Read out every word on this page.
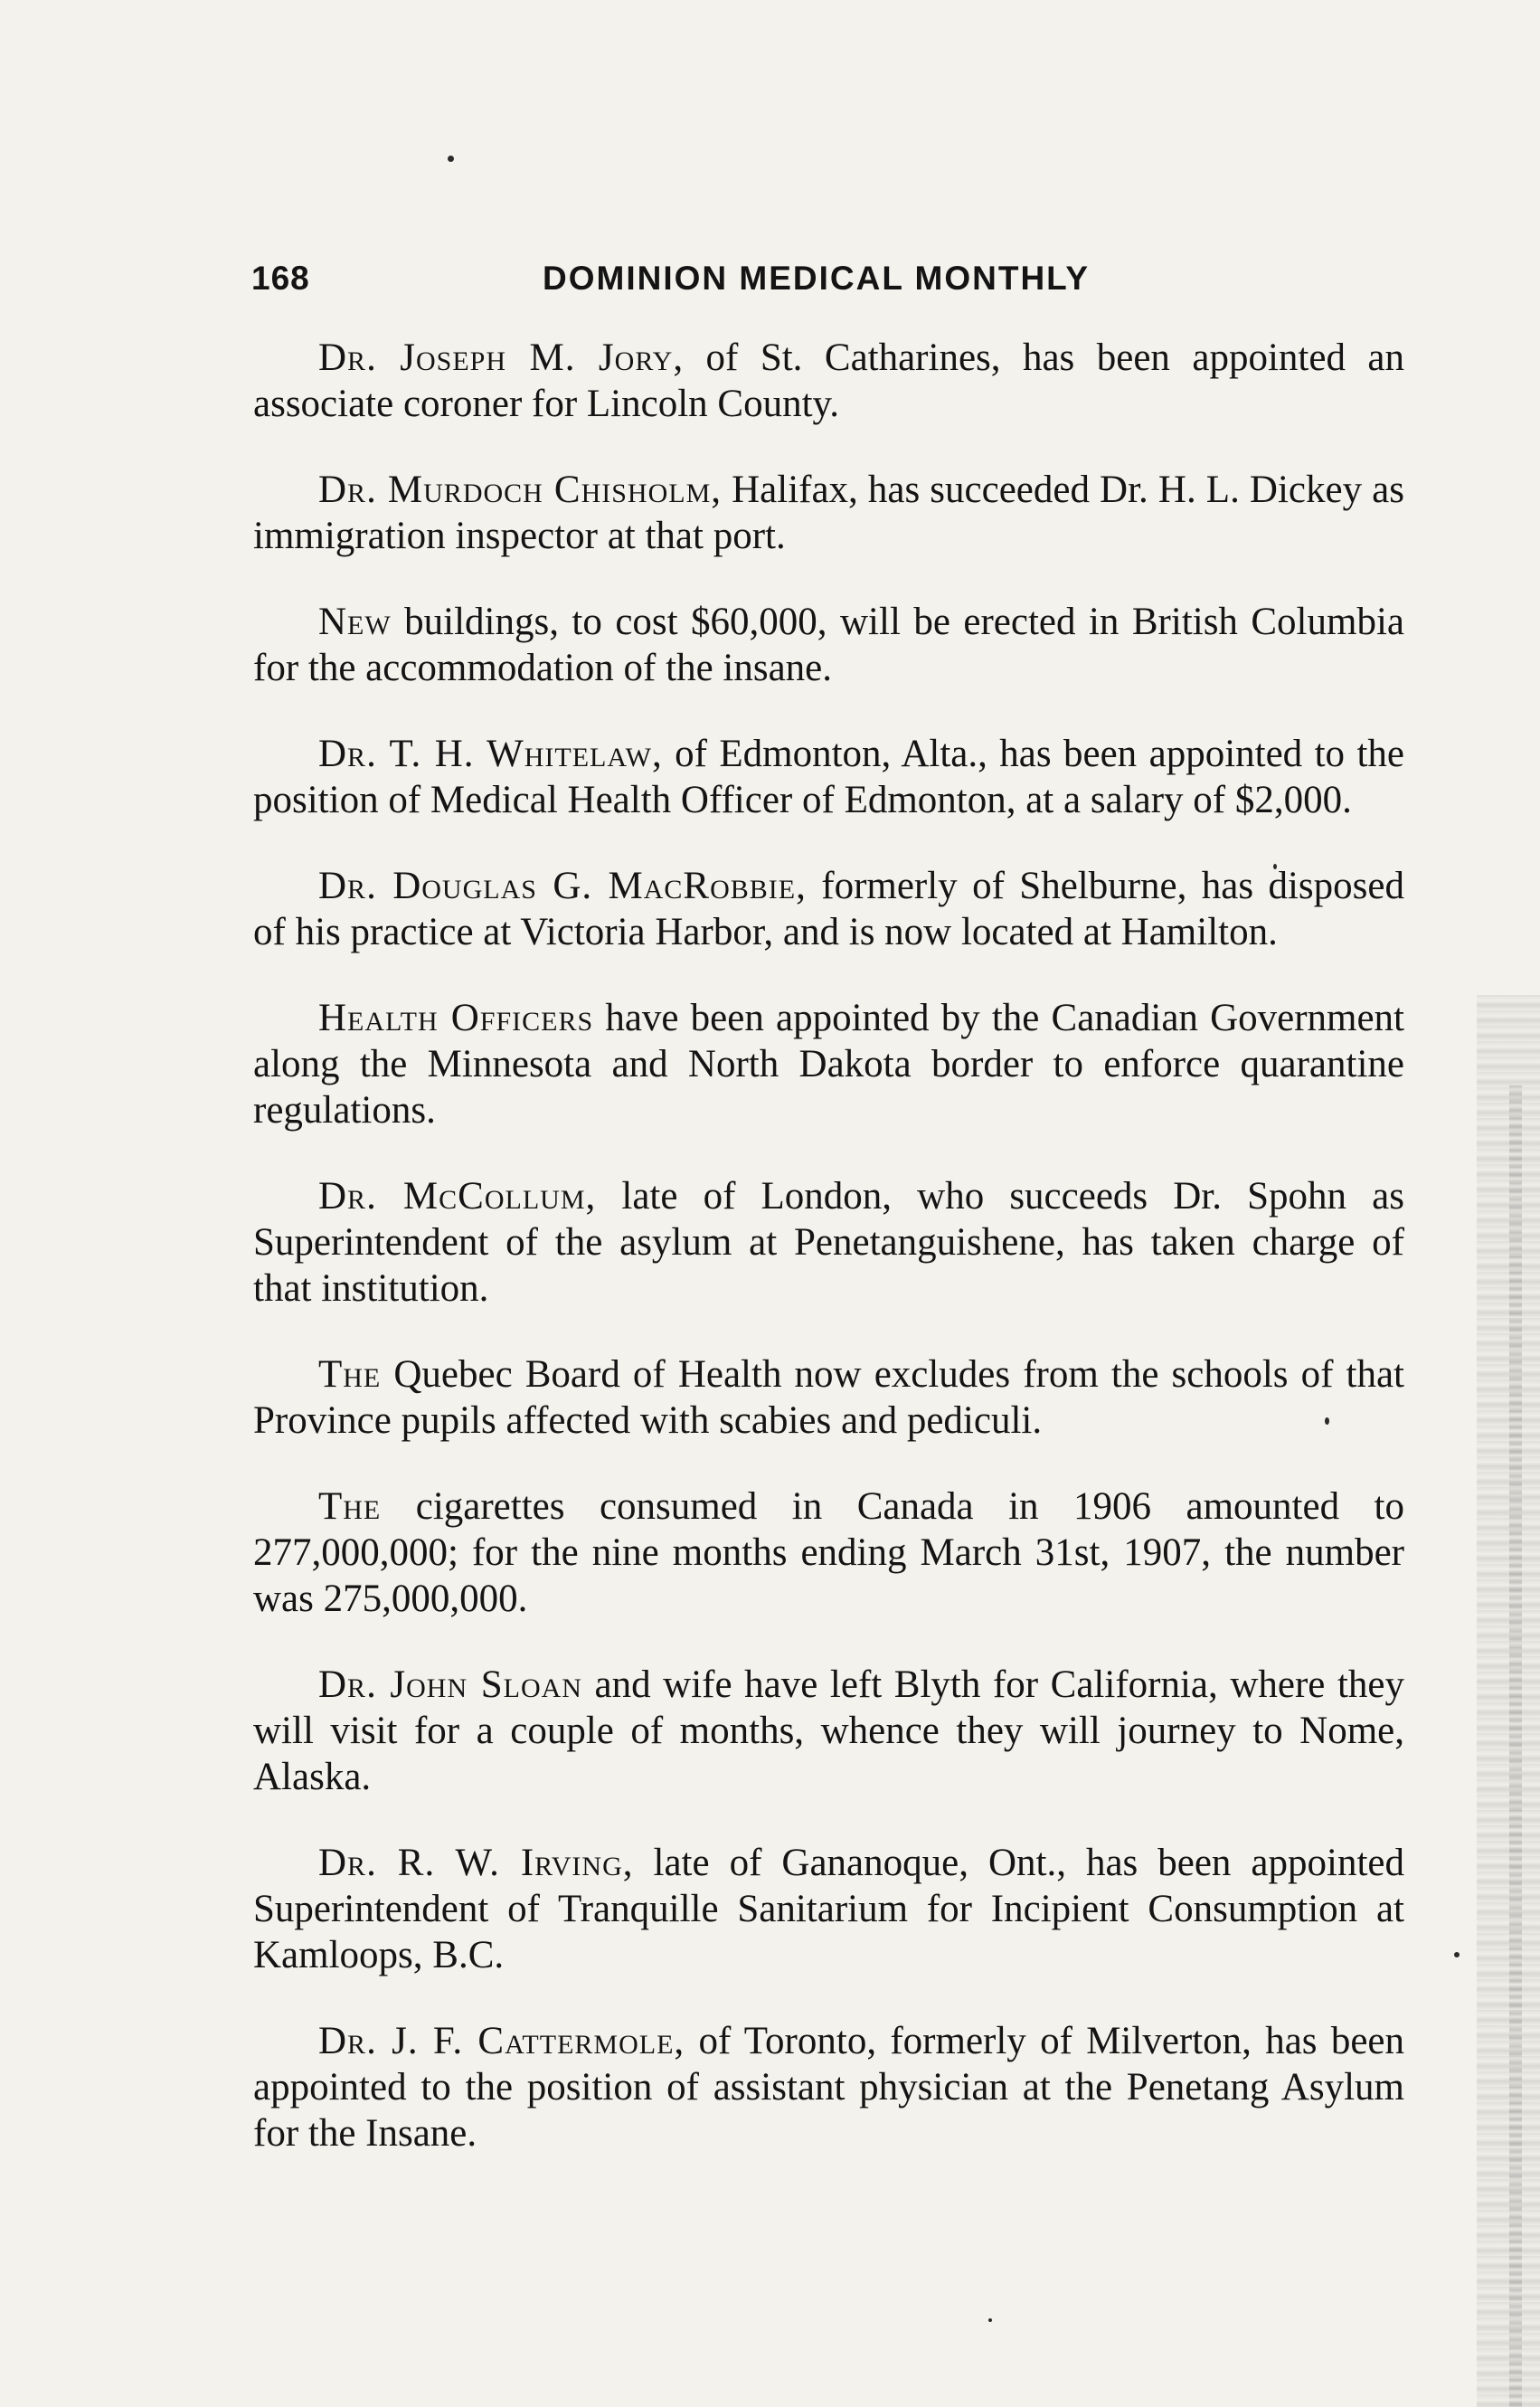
168	DOMINION MEDICAL MONTHLY

Dr. Joseph M. Jory, of St. Catharines, has been appointed an associate coroner for Lincoln County.

Dr. Murdoch Chisholm, Halifax, has succeeded Dr. H. L. Dickey as immigration inspector at that port.

New buildings, to cost $60,000, will be erected in British Columbia for the accommodation of the insane.

Dr. T. H. Whitelaw, of Edmonton, Alta., has been appointed to the position of Medical Health Officer of Edmonton, at a salary of $2,000.

Dr. Douglas G. MacRobbie, formerly of Shelburne, has disposed of his practice at Victoria Harbor, and is now located at Hamilton.

Health Officers have been appointed by the Canadian Government along the Minnesota and North Dakota border to enforce quarantine regulations.

Dr. McCollum, late of London, who succeeds Dr. Spohn as Superintendent of the asylum at Penetanguishene, has taken charge of that institution.

The Quebec Board of Health now excludes from the schools of that Province pupils affected with scabies and pediculi.

The cigarettes consumed in Canada in 1906 amounted to 277,000,000; for the nine months ending March 31st, 1907, the number was 275,000,000.

Dr. John Sloan and wife have left Blyth for California, where they will visit for a couple of months, whence they will journey to Nome, Alaska.

Dr. R. W. Irving, late of Gananoque, Ont., has been appointed Superintendent of Tranquille Sanitarium for Incipient Consumption at Kamloops, B.C.

Dr. J. F. Cattermole, of Toronto, formerly of Milverton, has been appointed to the position of assistant physician at the Penetang Asylum for the Insane.
